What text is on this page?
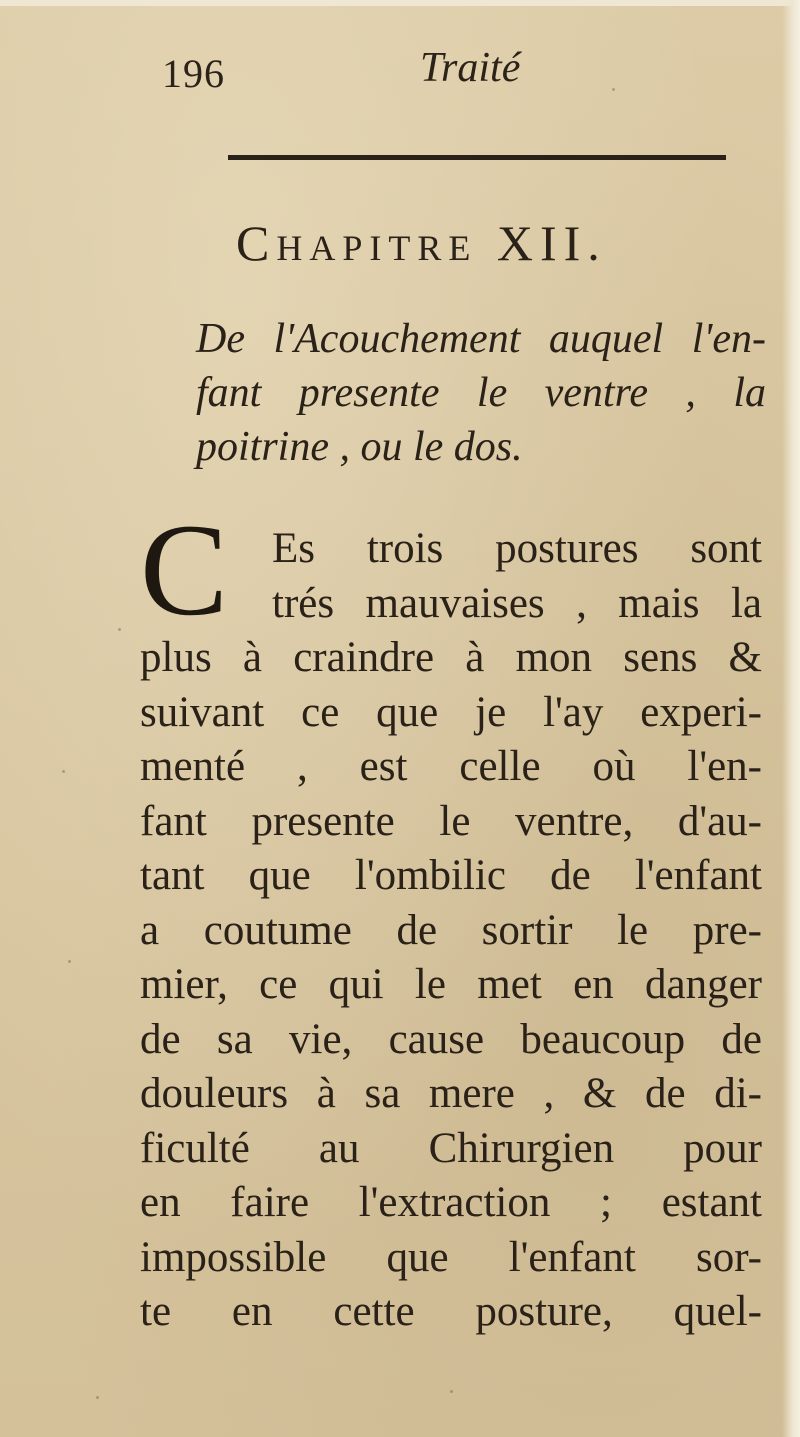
196	Traité
CHAPITRE XII.
De l'Acouchement auquel l'en-
fant presente le ventre , la
poitrine , ou le dos.
C	Es trois postures sont
trés mauvaises , mais la
plus à craindre à mon sens &
suivant ce que je l'ay experi-
menté , est celle où l'en-
fant presente le ventre, d'au-
tant que l'ombilic de l'enfant
a coutume de sortir le pre-
mier, ce qui le met en danger
de sa vie, cause beaucoup de
douleurs à sa mere , & de di-
ficulté au Chirurgien pour
en faire l'extraction ; estant
impossible que l'enfant sor-
te en cette posture, quel-
